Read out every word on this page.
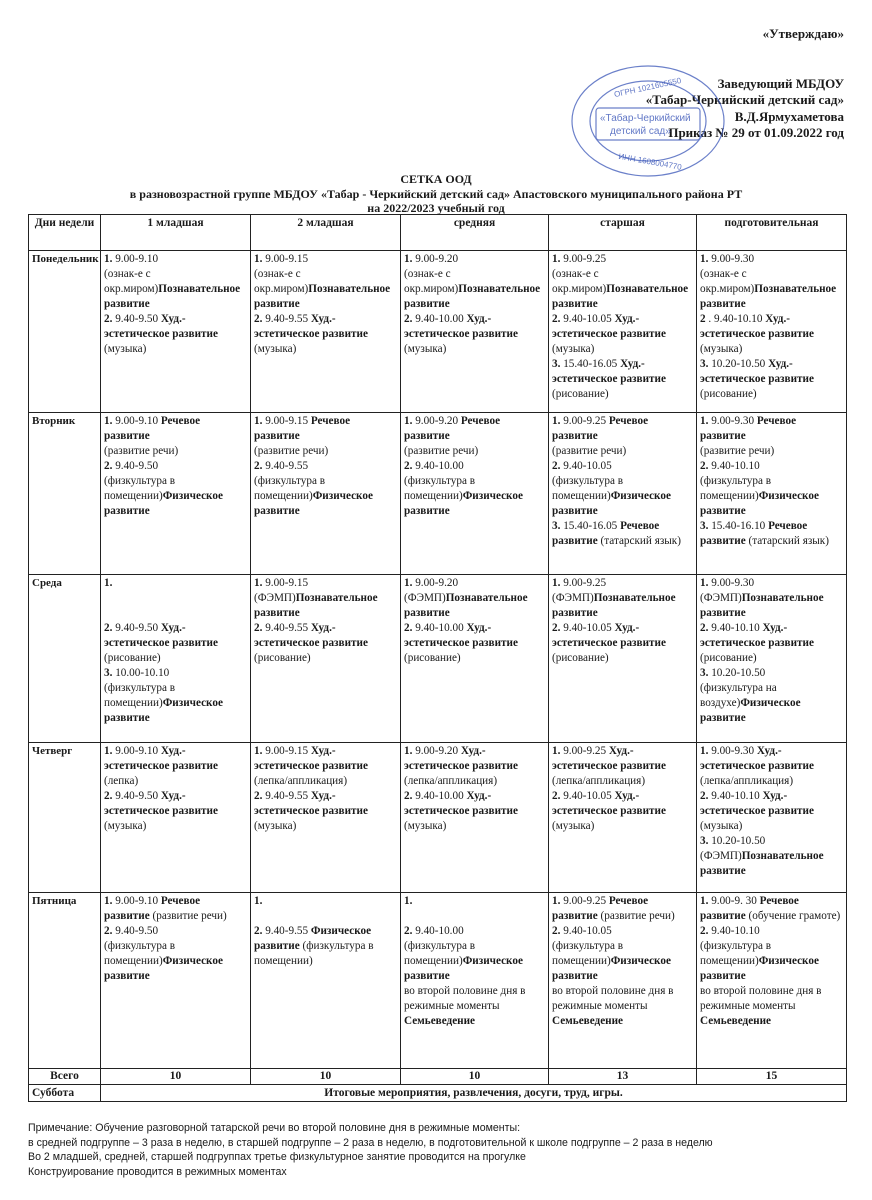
«Утверждаю»
Заведующий МБДОУ
«Табар-Черкийский детский сад»
В.Д.Ярмухаметова
Приказ № 29 от 01.09.2022 год
ОГРН 1021605550
«Табар-Черкийский
детский сад»
ИНН 1608004770
СЕТКА ООД
в разновозрастной группе МБДОУ «Табар - Черкийский детский сад» Апастовского муниципального района РТ
на 2022/2023 учебный год
Дни недели	1 младшая	2 младшая	средняя	старшая	подготовительная
Понедельник	1. 9.00-9.10
(ознак-е с окр.миром)Познавательное развитие
2. 9.40-9.50 Худ.-эстетическое развитие (музыка)	1. 9.00-9.15
(ознак-е с окр.миром)Познавательное развитие
2. 9.40-9.55 Худ.-эстетическое развитие (музыка)	1. 9.00-9.20
(ознак-е с окр.миром)Познавательное развитие
2. 9.40-10.00 Худ.-эстетическое развитие (музыка)	1. 9.00-9.25
(ознак-е с окр.миром)Познавательное развитие
2. 9.40-10.05 Худ.-эстетическое развитие (музыка)
3. 15.40-16.05 Худ.-эстетическое развитие (рисование)	1. 9.00-9.30
(ознак-е с окр.миром)Познавательное развитие
2 . 9.40-10.10 Худ.-эстетическое развитие (музыка)
3. 10.20-10.50 Худ.-эстетическое развитие (рисование)
Вторник	1. 9.00-9.10 Речевое развитие
(развитие речи)
2. 9.40-9.50
(физкультура в помещении)Физическое развитие	1. 9.00-9.15 Речевое развитие
(развитие речи)
2. 9.40-9.55
(физкультура в помещении)Физическое развитие	1. 9.00-9.20 Речевое развитие
(развитие речи)
2. 9.40-10.00
(физкультура в помещении)Физическое развитие	1. 9.00-9.25 Речевое развитие
(развитие речи)
2. 9.40-10.05
(физкультура в помещении)Физическое развитие
3. 15.40-16.05 Речевое развитие (татарский язык)	1. 9.00-9.30 Речевое развитие
(развитие речи)
2. 9.40-10.10
(физкультура в помещении)Физическое развитие
3. 15.40-16.10 Речевое развитие (татарский язык)
Среда	1.

2. 9.40-9.50 Худ.-эстетическое развитие (рисование)
3. 10.00-10.10
(физкультура в помещении)Физическое развитие	1. 9.00-9.15
(ФЭМП)Познавательное развитие
2. 9.40-9.55 Худ.-эстетическое развитие (рисование)	1. 9.00-9.20
(ФЭМП)Познавательное развитие
2. 9.40-10.00 Худ.-эстетическое развитие (рисование)	1. 9.00-9.25
(ФЭМП)Познавательное развитие
2. 9.40-10.05 Худ.-эстетическое развитие (рисование)	1. 9.00-9.30
(ФЭМП)Познавательное развитие
2. 9.40-10.10 Худ.-эстетическое развитие (рисование)
3. 10.20-10.50
(физкультура на воздухе)Физическое развитие
Четверг	1. 9.00-9.10 Худ.-эстетическое развитие (лепка)
2. 9.40-9.50 Худ.-эстетическое развитие (музыка)	1. 9.00-9.15 Худ.-эстетическое развитие (лепка/аппликация)
2. 9.40-9.55 Худ.-эстетическое развитие (музыка)	1. 9.00-9.20 Худ.-эстетическое развитие (лепка/аппликация)
2. 9.40-10.00 Худ.-эстетическое развитие (музыка)	1. 9.00-9.25 Худ.-эстетическое развитие (лепка/аппликация)
2. 9.40-10.05 Худ.-эстетическое развитие (музыка)	1. 9.00-9.30 Худ.-эстетическое развитие (лепка/аппликация)
2. 9.40-10.10 Худ.-эстетическое развитие (музыка)
3. 10.20-10.50
(ФЭМП)Познавательное развитие
Пятница	1. 9.00-9.10 Речевое развитие (развитие речи)
2. 9.40-9.50
(физкультура в помещении)Физическое развитие	1.

2. 9.40-9.55 Физическое развитие (физкультура в помещении)	1.

2. 9.40-10.00
(физкультура в помещении)Физическое развитие
во второй половине дня в режимные моменты Семьеведение	1. 9.00-9.25 Речевое развитие (развитие речи)
2. 9.40-10.05
(физкультура в помещении)Физическое развитие
во второй половине дня в режимные моменты Семьеведение	1. 9.00-9. 30 Речевое развитие (обучение грамоте)
2. 9.40-10.10
(физкультура в помещении)Физическое развитие
во второй половине дня в режимные моменты Семьеведение
Всего	10	10	10	13	15
Суббота	Итоговые мероприятия, развлечения, досуги, труд, игры.				
Примечание: Обучение разговорной татарской речи во второй половине дня в режимные моменты:
в средней подгруппе – 3 раза в неделю, в старшей подгруппе – 2 раза в неделю, в подготовительной к школе подгруппе – 2 раза в неделю
Во 2 младшей, средней, старшей подгруппах третье физкультурное занятие проводится на прогулке
Конструирование проводится в режимных моментах
